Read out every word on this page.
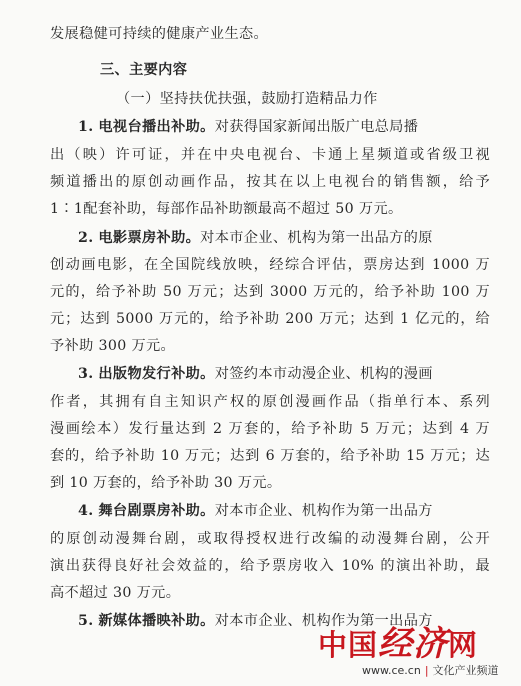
发展稳健可持续的健康产业生态。
三、主要内容
（一）坚持扶优扶强，鼓励打造精品力作
1. 电视台播出补助。对获得国家新闻出版广电总局播
出（映）许可证，并在中央电视台、卡通上星频道或省级卫视
频道播出的原创动画作品，按其在以上电视台的销售额，给予
1∶1配套补助，每部作品补助额最高不超过 50 万元。
2. 电影票房补助。对本市企业、机构为第一出品方的原
创动画电影，在全国院线放映，经综合评估，票房达到 1000 万
元的，给予补助 50 万元；达到 3000 万元的，给予补助 100 万
元；达到 5000 万元的，给予补助 200 万元；达到 1 亿元的，给
予补助 300 万元。
3. 出版物发行补助。对签约本市动漫企业、机构的漫画
作者，其拥有自主知识产权的原创漫画作品（指单行本、系列
漫画绘本）发行量达到 2 万套的，给予补助 5 万元；达到 4 万
套的，给予补助 10 万元；达到 6 万套的，给予补助 15 万元；达
到 10 万套的，给予补助 30 万元。
4. 舞台剧票房补助。对本市企业、机构作为第一出品方
的原创动漫舞台剧，或取得授权进行改编的动漫舞台剧，公开
演出获得良好社会效益的，给予票房收入 10% 的演出补助，最
高不超过 30 万元。
5. 新媒体播映补助。对本市企业、机构作为第一出品方
中国经济网
www.ce.cn | 文化产业频道
